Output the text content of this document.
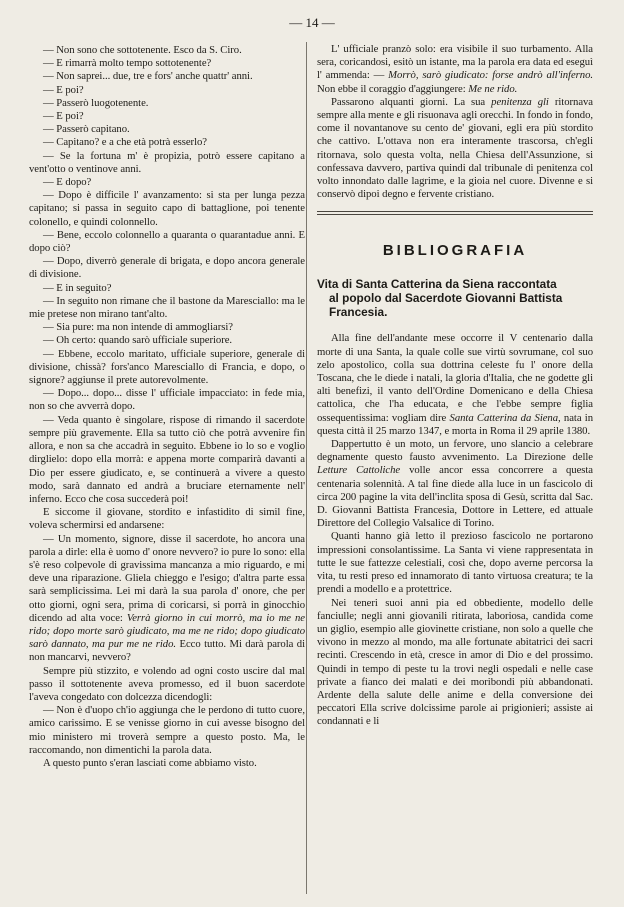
— 14 —

— Non sono che sottotenente. Esco da S. Ciro.

— E rimarrà molto tempo sottotenente?

— Non saprei... due, tre e fors' anche quattr' anni.

— E poi?

— Passerò luogotenente.

— E poi?

— Passerò capitano.

— Capitano? e a che età potrà esserlo?

— Se la fortuna m' è propizia, potrò essere capitano a vent'otto o ventinove anni.

— E dopo?

— Dopo è difficile l' avanzamento: si sta per lunga pezza capitano; si passa in seguito capo di battaglione, poi tenente colonello, e quindi colonnello.

— Bene, eccolo colonnello a quaranta o quarantadue anni. E dopo ciò?

— Dopo, diverrò generale di brigata, e dopo ancora generale di divisione.

— E in seguito?

— In seguito non rimane che il bastone da Maresciallo: ma le mie pretese non mirano tant'alto.

— Sia pure: ma non intende di ammogliarsi?

— Oh certo: quando sarò ufficiale superiore.

— Ebbene, eccolo maritato, ufficiale superiore, generale di divisione, chissà? fors'anco Maresciallo di Francia, e dopo, o signore? aggiunse il prete autorevolmente.

— Dopo... dopo... disse l' ufficiale impacciato: in fede mia, non so che avverrà dopo.

— Veda quanto è singolare, rispose di rimando il sacerdote sempre più gravemente. Ella sa tutto ciò che potrà avvenire fin allora, e non sa che accadrà in seguito. Ebbene io lo so e voglio dirglielo: dopo ella morrà: e appena morte comparirà davanti a Dio per essere giudicato, e, se continuerà a vivere a questo modo, sarà dannato ed andrà a bruciare eternamente nell' inferno. Ecco che cosa succederà poi!

E siccome il giovane, stordito e infastidito di simil fine, voleva schermirsi ed andarsene:

— Un momento, signore, disse il sacerdote, ho ancora una parola a dirle: ella è uomo d' onore nevvero? io pure lo sono: ella s'è reso colpevole di gravissima mancanza a mio riguardo, e mi deve una riparazione. Gliela chieggo e l'esigo; d'altra parte essa sarà semplicissima. Lei mi darà la sua parola d' onore, che per otto giorni, ogni sera, prima di coricarsi, si porrà in ginocchio dicendo ad alta voce: Verrà giorno in cui morrò, ma io me ne rido; dopo morte sarò giudicato, ma me ne rido; dopo giudicato sarò dannato, ma pur me ne rido. Ecco tutto. Mi darà parola di non mancarvi, nevvero?

Sempre più stizzito, e volendo ad ogni costo uscire dal mal passo il sottotenente aveva promesso, ed il buon sacerdote l'aveva congedato con dolcezza dicendogli:

— Non è d'uopo ch'io aggiunga che le perdono di tutto cuore, amico carissimo. E se venisse giorno in cui avesse bisogno del mio ministero mi troverà sempre a questo posto. Ma, le raccomando, non dimentichi la parola data.

A questo punto s'eran lasciati come abbiamo visto.

L' ufficiale pranzò solo: era visibile il suo turbamento. Alla sera, coricandosi, esitò un istante, ma la parola era data ed eseguì l' ammenda: — Morrò, sarò giudicato: forse andrò all'inferno. Non ebbe il coraggio d'aggiungere: Me ne rido.

Passarono alquanti giorni. La sua penitenza gli ritornava sempre alla mente e gli risuonava agli orecchi. In fondo in fondo, come il novantanove su cento de' giovani, egli era più stordito che cattivo. L'ottava non era interamente trascorsa, ch'egli ritornava, solo questa volta, nella Chiesa dell'Assunzione, si confessava davvero, partiva quindi dal tribunale di penitenza col volto innondato dalle lagrime, e la gioia nel cuore. Divenne e si conservò dipoi degno e fervente cristiano.

BIBLIOGRAFIA
Vita di Santa Catterina da Siena raccontata
al popolo dal Sacerdote Giovanni Battista
Francesia.

Alla fine dell'andante mese occorre il V centenario dalla morte di una Santa, la quale colle sue virtù sovrumane, col suo zelo apostolico, colla sua dottrina celeste fu l' onore della Toscana, che le diede i natali, la gloria d'Italia, che ne godette gli alti benefizi, il vanto dell'Ordine Domenicano e della Chiesa cattolica, che l'ha educata, e che l'ebbe sempre figlia ossequentissima: vogliam dire Santa Catterina da Siena, nata in questa città il 25 marzo 1347, e morta in Roma il 29 aprile 1380.

Dappertutto è un moto, un fervore, uno slancio a celebrare degnamente questo fausto avvenimento. La Direzione delle Letture Cattoliche volle ancor essa concorrere a questa centenaria solennità. A tal fine diede alla luce in un fascicolo di circa 200 pagine la vita dell'inclita sposa di Gesù, scritta dal Sac. D. Giovanni Battista Francesia, Dottore in Lettere, ed attuale Direttore del Collegio Valsalice di Torino.

Quanti hanno già letto il prezioso fascicolo ne portarono impressioni consolantissime. La Santa vi viene rappresentata in tutte le sue fattezze celestiali, così che, dopo averne percorsa la vita, tu resti preso ed innamorato di tanto virtuosa creatura; te la prendi a modello e a protettrice.

Nei teneri suoi anni pia ed obbediente, modello delle fanciulle; negli anni giovanili ritirata, laboriosa, candida come un giglio, esempio alle giovinette cristiane, non solo a quelle che vivono in mezzo al mondo, ma alle fortunate abitatrici dei sacri recinti. Crescendo in età, cresce in amor di Dio e del prossimo. Quindi in tempo di peste tu la trovi negli ospedali e nelle case private a fianco dei malati e dei moribondi più abbandonati. Ardente della salute delle anime e della conversione dei peccatori Ella scrive dolcissime parole ai prigionieri; assiste ai condannati e li
